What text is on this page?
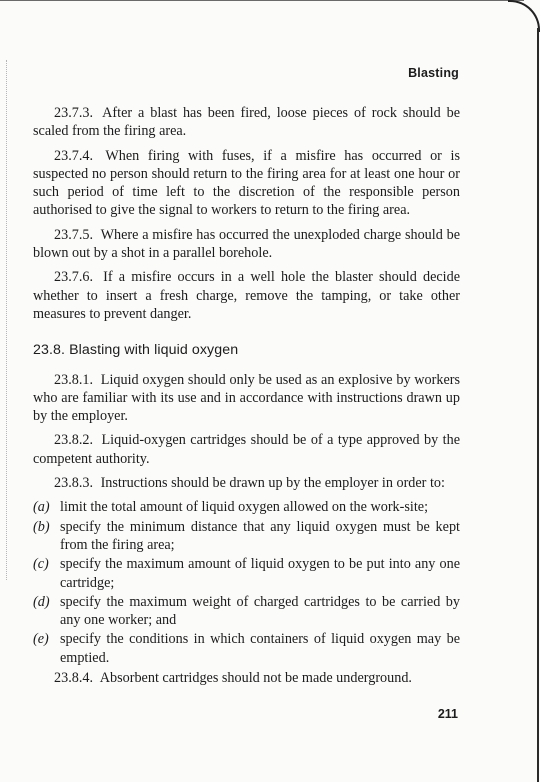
Blasting

23.7.3. After a blast has been fired, loose pieces of rock should be scaled from the firing area.

23.7.4. When firing with fuses, if a misfire has occurred or is suspected no person should return to the firing area for at least one hour or such period of time left to the discretion of the responsible person authorised to give the signal to workers to return to the firing area.

23.7.5. Where a misfire has occurred the unexploded charge should be blown out by a shot in a parallel borehole.

23.7.6. If a misfire occurs in a well hole the blaster should decide whether to insert a fresh charge, remove the tamping, or take other measures to prevent danger.

23.8. Blasting with liquid oxygen

23.8.1. Liquid oxygen should only be used as an explosive by workers who are familiar with its use and in accordance with instructions drawn up by the employer.

23.8.2. Liquid-oxygen cartridges should be of a type approved by the competent authority.

23.8.3. Instructions should be drawn up by the employer in order to:

(a) limit the total amount of liquid oxygen allowed on the work-site;
(b) specify the minimum distance that any liquid oxygen must be kept from the firing area;
(c) specify the maximum amount of liquid oxygen to be put into any one cartridge;
(d) specify the maximum weight of charged cartridges to be carried by any one worker; and
(e) specify the conditions in which containers of liquid oxygen may be emptied.

23.8.4. Absorbent cartridges should not be made underground.

211
